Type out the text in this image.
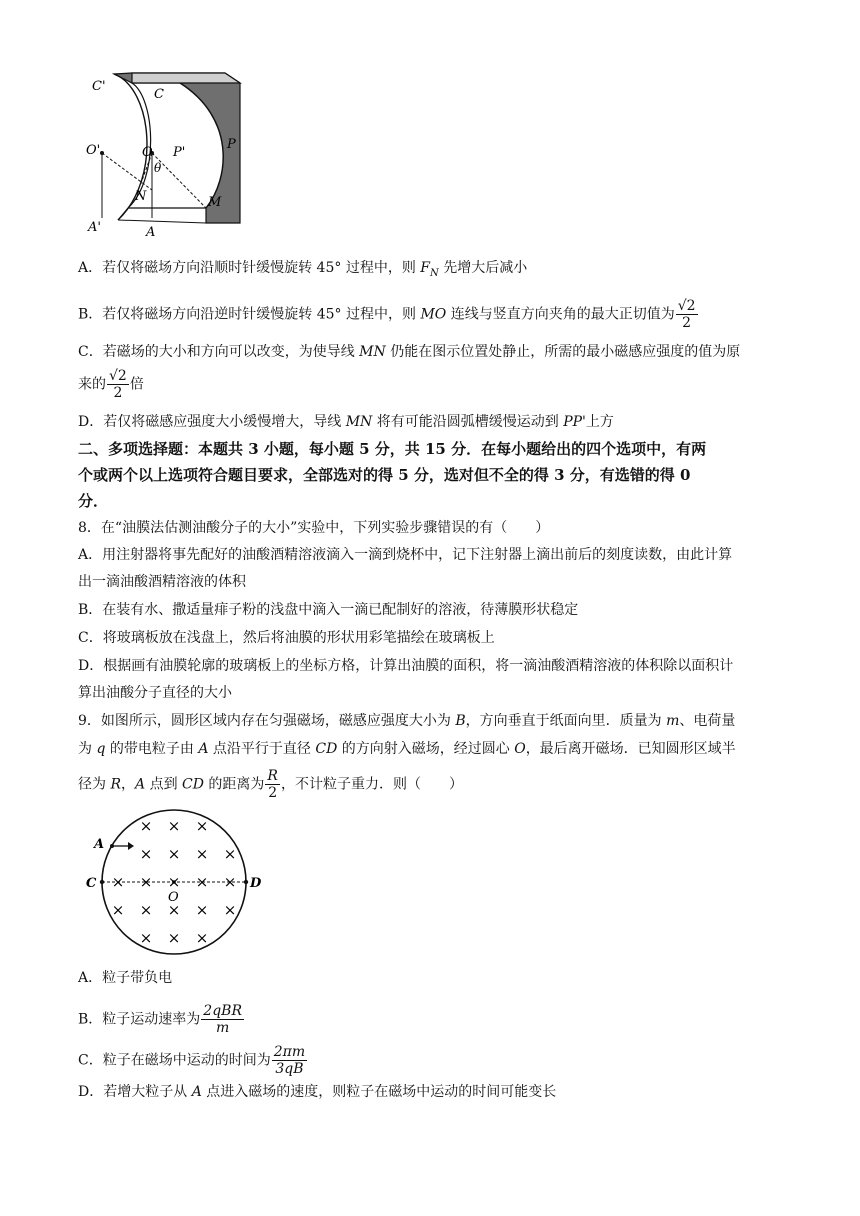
C'
C
O'	O P'
P
θ
N	M
A'	A
A．若仅将磁场方向沿顺时针缓慢旋转 45° 过程中，则 $F_N$ 先增大后减小
B．若仅将磁场方向沿逆时针缓慢旋转 45° 过程中，则 MO 连线与竖直方向夹角的最大正切值为 $\frac{√2}{2}$
C．若磁场的大小和方向可以改变，为使导线 MN 仍能在图示位置处静止，所需的最小磁感应强度的值为原
来的 $\frac{√2}{2}$ 倍
D．若仅将磁感应强度大小缓慢增大，导线 MN 将有可能沿圆弧槽缓慢运动到 PP'上方
二、多项选择题：本题共 3 小题，每小题 5 分，共 15 分．在每小题给出的四个选项中，有两
个或两个以上选项符合题目要求，全部选对的得 5 分，选对但不全的得 3 分，有选错的得 0
分．
8．在“油膜法估测油酸分子的大小”实验中，下列实验步骤错误的有（　　）
A．用注射器将事先配好的油酸酒精溶液滴入一滴到烧杯中，记下注射器上滴出前后的刻度读数，由此计算
出一滴油酸酒精溶液的体积
B．在装有水、撒适量痱子粉的浅盘中滴入一滴已配制好的溶液，待薄膜形状稳定
C．将玻璃板放在浅盘上，然后将油膜的形状用彩笔描绘在玻璃板上
D．根据画有油膜轮廓的玻璃板上的坐标方格，计算出油膜的面积，将一滴油酸酒精溶液的体积除以面积计
算出油酸分子直径的大小
9．如图所示，圆形区域内存在匀强磁场，磁感应强度大小为 B，方向垂直于纸面向里．质量为 m、电荷量
为 q 的带电粒子由 A 点沿平行于直径 CD 的方向射入磁场，经过圆心 O，最后离开磁场．已知圆形区域半
径为 R，A 点到 CD 的距离为 $\frac{R}{2}$ ，不计粒子重力．则（　　）
× × ×
× × × ×
× × × × ×
× × × × ×
× × ×
A
C	D
O
A．粒子带负电
B．粒子运动速率为 $\frac{\text{2qBR}}{m}$
C．粒子在磁场中运动的时间为 $\frac{2\pi m}{3qB}$
D．若增大粒子从 A 点进入磁场的速度，则粒子在磁场中运动的时间可能变长
